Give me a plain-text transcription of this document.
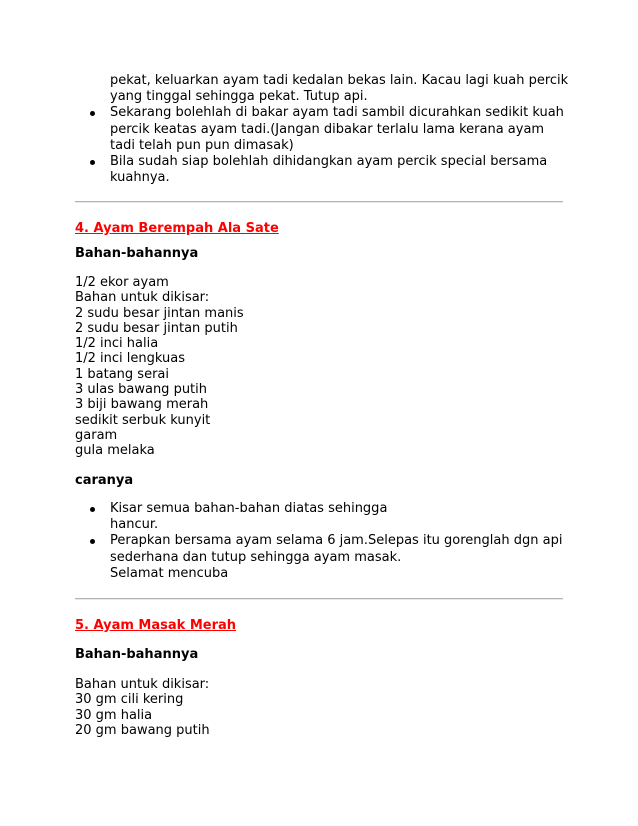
pekat, keluarkan ayam tadi kedalan bekas lain. Kacau lagi kuah percik
yang tinggal sehingga pekat. Tutup api.
Sekarang bolehlah di bakar ayam tadi sambil dicurahkan sedikit kuah
percik keatas ayam tadi.(Jangan dibakar terlalu lama kerana ayam
tadi telah pun pun dimasak)
Bila sudah siap bolehlah dihidangkan ayam percik special bersama
kuahnya.
4. Ayam Berempah Ala Sate
Bahan-bahannya
1/2 ekor ayam
Bahan untuk dikisar:
2 sudu besar jintan manis
2 sudu besar jintan putih
1/2 inci halia
1/2 inci lengkuas
1 batang serai
3 ulas bawang putih
3 biji bawang merah
sedikit serbuk kunyit
garam
gula melaka
caranya
Kisar semua bahan-bahan diatas sehingga
hancur.
Perapkan bersama ayam selama 6 jam.Selepas itu gorenglah dgn api
sederhana dan tutup sehingga ayam masak.
Selamat mencuba
5. Ayam Masak Merah
Bahan-bahannya
Bahan untuk dikisar:
30 gm cili kering
30 gm halia
20 gm bawang putih
